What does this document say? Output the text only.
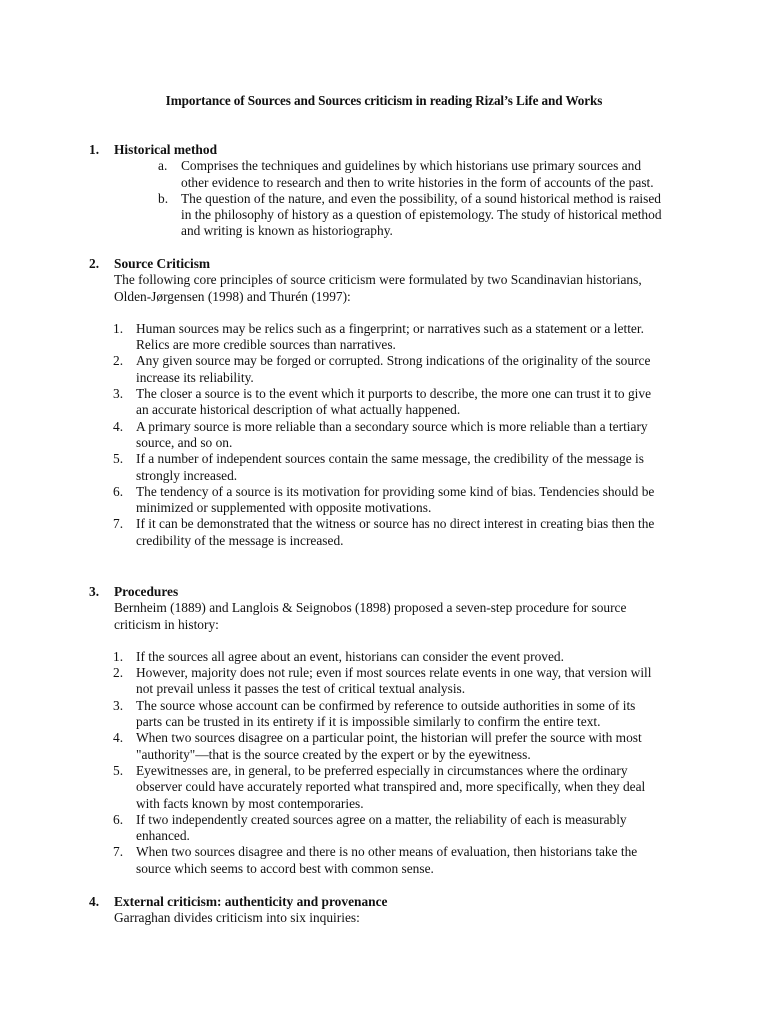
Importance of Sources and Sources criticism in reading Rizal’s Life and Works
1. Historical method
a. Comprises the techniques and guidelines by which historians use primary sources and
other evidence to research and then to write histories in the form of accounts of the past.
b. The question of the nature, and even the possibility, of a sound historical method is raised
in the philosophy of history as a question of epistemology. The study of historical method
and writing is known as historiography.
2. Source Criticism

The following core principles of source criticism were formulated by two Scandinavian historians,

Olden-Jørgensen (1998) and Thurén (1997):

1. Human sources may be relics such as a fingerprint; or narratives such as a statement or a letter.
Relics are more credible sources than narratives.
2. Any given source may be forged or corrupted. Strong indications of the originality of the source
increase its reliability.
3. The closer a source is to the event which it purports to describe, the more one can trust it to give
an accurate historical description of what actually happened.
4. A primary source is more reliable than a secondary source which is more reliable than a tertiary
source, and so on.
5. If a number of independent sources contain the same message, the credibility of the message is
strongly increased.
6. The tendency of a source is its motivation for providing some kind of bias. Tendencies should be
minimized or supplemented with opposite motivations.
7. If it can be demonstrated that the witness or source has no direct interest in creating bias then the
credibility of the message is increased.
3. Procedures

Bernheim (1889) and Langlois & Seignobos (1898) proposed a seven-step procedure for source

criticism in history:

1. If the sources all agree about an event, historians can consider the event proved.
2. However, majority does not rule; even if most sources relate events in one way, that version will
not prevail unless it passes the test of critical textual analysis.
3. The source whose account can be confirmed by reference to outside authorities in some of its
parts can be trusted in its entirety if it is impossible similarly to confirm the entire text.
4. When two sources disagree on a particular point, the historian will prefer the source with most
"authority"—that is the source created by the expert or by the eyewitness.
5. Eyewitnesses are, in general, to be preferred especially in circumstances where the ordinary
observer could have accurately reported what transpired and, more specifically, when they deal
with facts known by most contemporaries.
6. If two independently created sources agree on a matter, the reliability of each is measurably
enhanced.
7. When two sources disagree and there is no other means of evaluation, then historians take the
source which seems to accord best with common sense.
4. External criticism: authenticity and provenance

Garraghan divides criticism into six inquiries:
